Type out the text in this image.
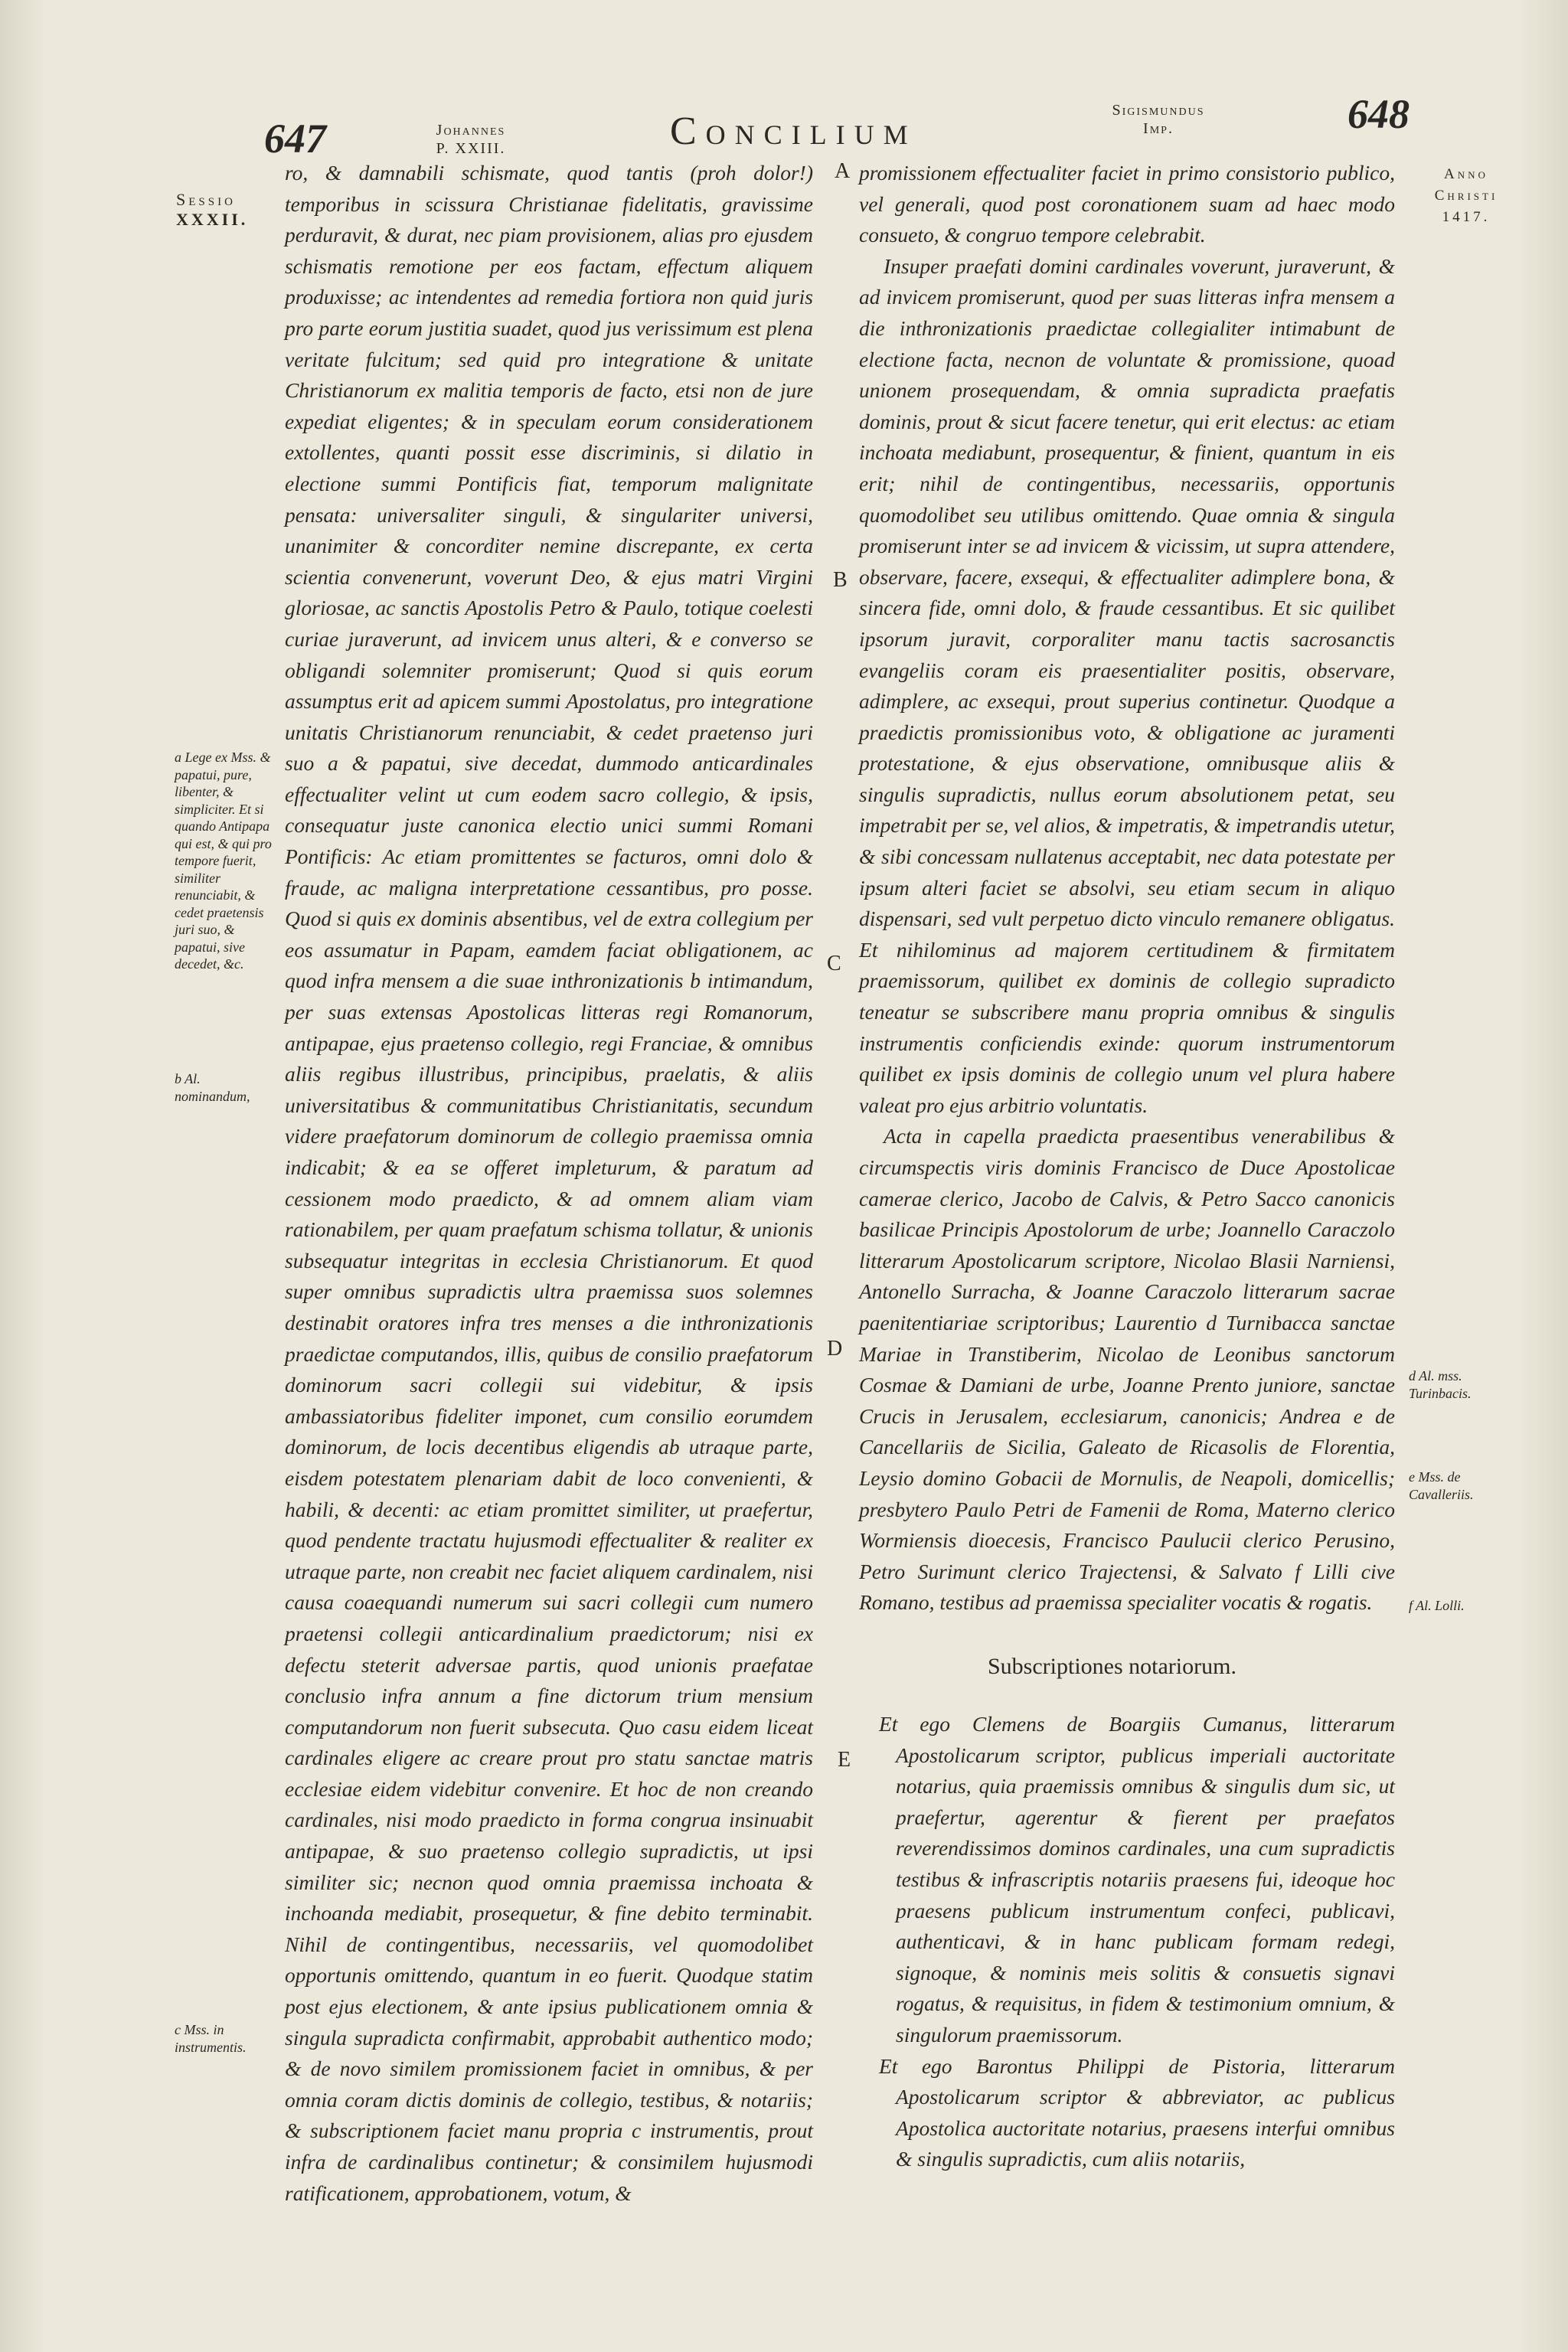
647	Johannes
P. XXIII.	Concilium	Sigismundus
Imp.	648
Sessio
XXXII.
Anno
Christi
1417.
A
B
C
D
E
a Lege ex Mss. & papatui, pure, libenter, & simpliciter. Et si quando Antipapa qui est, & qui pro tempore fuerit, similiter renunciabit, & cedet praetensis juri suo, & papatui, sive decedet, &c.
b Al. nominandum,
c Mss. in instrumentis.
d Al. mss. Turinbacis.
e Mss. de Cavalleriis.
f Al. Lolli.

ro, & damnabili schismate, quod tantis (proh dolor!) temporibus in scissura Christianae fidelitatis, gravissime perduravit, & durat, nec piam provisionem, alias pro ejusdem schismatis remotione per eos factam, effectum aliquem produxisse; ac intendentes ad remedia fortiora non quid juris pro parte eorum justitia suadet, quod jus verissimum est plena veritate fulcitum; sed quid pro integratione & unitate Christianorum ex malitia temporis de facto, etsi non de jure expediat eligentes; & in speculam eorum considerationem extollentes, quanti possit esse discriminis, si dilatio in electione summi Pontificis fiat, temporum malignitate pensata: universaliter singuli, & singulariter universi, unanimiter & concorditer nemine discrepante, ex certa scientia convenerunt, voverunt Deo, & ejus matri Virgini gloriosae, ac sanctis Apostolis Petro & Paulo, totique coelesti curiae juraverunt, ad invicem unus alteri, & e converso se obligandi solemniter promiserunt; Quod si quis eorum assumptus erit ad apicem summi Apostolatus, pro integratione unitatis Christianorum renunciabit, & cedet praetenso juri suo a & papatui, sive decedat, dummodo anticardinales effectualiter velint ut cum eodem sacro collegio, & ipsis, consequatur juste canonica electio unici summi Romani Pontificis: Ac etiam promittentes se facturos, omni dolo & fraude, ac maligna interpretatione cessantibus, pro posse. Quod si quis ex dominis absentibus, vel de extra collegium per eos assumatur in Papam, eamdem faciat obligationem, ac quod infra mensem a die suae inthronizationis b intimandum, per suas extensas Apostolicas litteras regi Romanorum, antipapae, ejus praetenso collegio, regi Franciae, & omnibus aliis regibus illustribus, principibus, praelatis, & aliis universitatibus & communitatibus Christianitatis, secundum videre praefatorum dominorum de collegio praemissa omnia indicabit; & ea se offeret impleturum, & paratum ad cessionem modo praedicto, & ad omnem aliam viam rationabilem, per quam praefatum schisma tollatur, & unionis subsequatur integritas in ecclesia Christianorum. Et quod super omnibus supradictis ultra praemissa suos solemnes destinabit oratores infra tres menses a die inthronizationis praedictae computandos, illis, quibus de consilio praefatorum dominorum sacri collegii sui videbitur, & ipsis ambassiatoribus fideliter imponet, cum consilio eorumdem dominorum, de locis decentibus eligendis ab utraque parte, eisdem potestatem plenariam dabit de loco convenienti, & habili, & decenti: ac etiam promittet similiter, ut praefertur, quod pendente tractatu hujusmodi effectualiter & realiter ex utraque parte, non creabit nec faciet aliquem cardinalem, nisi causa coaequandi numerum sui sacri collegii cum numero praetensi collegii anticardinalium praedictorum; nisi ex defectu steterit adversae partis, quod unionis praefatae conclusio infra annum a fine dictorum trium mensium computandorum non fuerit subsecuta. Quo casu eidem liceat cardinales eligere ac creare prout pro statu sanctae matris ecclesiae eidem videbitur convenire. Et hoc de non creando cardinales, nisi modo praedicto in forma congrua insinuabit antipapae, & suo praetenso collegio supradictis, ut ipsi similiter sic; necnon quod omnia praemissa inchoata & inchoanda mediabit, prosequetur, & fine debito terminabit. Nihil de contingentibus, necessariis, vel quomodolibet opportunis omittendo, quantum in eo fuerit. Quodque statim post ejus electionem, & ante ipsius publicationem omnia & singula supradicta confirmabit, approbabit authentico modo; & de novo similem promissionem faciet in omnibus, & per omnia coram dictis dominis de collegio, testibus, & notariis; & subscriptionem faciet manu propria c instrumentis, prout infra de cardinalibus continetur; & consimilem hujusmodi ratificationem, approbationem, votum, &

promissionem effectualiter faciet in primo consistorio publico, vel generali, quod post coronationem suam ad haec modo consueto, & congruo tempore celebrabit.

Insuper praefati domini cardinales voverunt, juraverunt, & ad invicem promiserunt, quod per suas litteras infra mensem a die inthronizationis praedictae collegialiter intimabunt de electione facta, necnon de voluntate & promissione, quoad unionem prosequendam, & omnia supradicta praefatis dominis, prout & sicut facere tenetur, qui erit electus: ac etiam inchoata mediabunt, prosequentur, & finient, quantum in eis erit; nihil de contingentibus, necessariis, opportunis quomodolibet seu utilibus omittendo. Quae omnia & singula promiserunt inter se ad invicem & vicissim, ut supra attendere, observare, facere, exsequi, & effectualiter adimplere bona, & sincera fide, omni dolo, & fraude cessantibus. Et sic quilibet ipsorum juravit, corporaliter manu tactis sacrosanctis evangeliis coram eis praesentialiter positis, observare, adimplere, ac exsequi, prout superius continetur. Quodque a praedictis promissionibus voto, & obligatione ac juramenti protestatione, & ejus observatione, omnibusque aliis & singulis supradictis, nullus eorum absolutionem petat, seu impetrabit per se, vel alios, & impetratis, & impetrandis utetur, & sibi concessam nullatenus acceptabit, nec data potestate per ipsum alteri faciet se absolvi, seu etiam secum in aliquo dispensari, sed vult perpetuo dicto vinculo remanere obligatus. Et nihilominus ad majorem certitudinem & firmitatem praemissorum, quilibet ex dominis de collegio supradicto teneatur se subscribere manu propria omnibus & singulis instrumentis conficiendis exinde: quorum instrumentorum quilibet ex ipsis dominis de collegio unum vel plura habere valeat pro ejus arbitrio voluntatis.

Acta in capella praedicta praesentibus venerabilibus & circumspectis viris dominis Francisco de Duce Apostolicae camerae clerico, Jacobo de Calvis, & Petro Sacco canonicis basilicae Principis Apostolorum de urbe; Joannello Caraczolo litterarum Apostolicarum scriptore, Nicolao Blasii Narniensi, Antonello Surracha, & Joanne Caraczolo litterarum sacrae paenitentiariae scriptoribus; Laurentio d Turnibacca sanctae Mariae in Transtiberim, Nicolao de Leonibus sanctorum Cosmae & Damiani de urbe, Joanne Prento juniore, sanctae Crucis in Jerusalem, ecclesiarum, canonicis; Andrea e de Cancellariis de Sicilia, Galeato de Ricasolis de Florentia, Leysio domino Gobacii de Mornulis, de Neapoli, domicellis; presbytero Paulo Petri de Famenii de Roma, Materno clerico Wormiensis dioecesis, Francisco Paulucii clerico Perusino, Petro Surimunt clerico Trajectensi, & Salvato f Lilli cive Romano, testibus ad praemissa specialiter vocatis & rogatis.

Subscriptiones notariorum.

Et ego Clemens de Boargiis Cumanus, litterarum Apostolicarum scriptor, publicus imperiali auctoritate notarius, quia praemissis omnibus & singulis dum sic, ut praefertur, agerentur & fierent per praefatos reverendissimos dominos cardinales, una cum supradictis testibus & infrascriptis notariis praesens fui, ideoque hoc praesens publicum instrumentum confeci, publicavi, authenticavi, & in hanc publicam formam redegi, signoque, & nominis meis solitis & consuetis signavi rogatus, & requisitus, in fidem & testimonium omnium, & singulorum praemissorum.

Et ego Barontus Philippi de Pistoria, litterarum Apostolicarum scriptor & abbreviator, ac publicus Apostolica auctoritate notarius, praesens interfui omnibus & singulis supradictis, cum aliis notariis,
